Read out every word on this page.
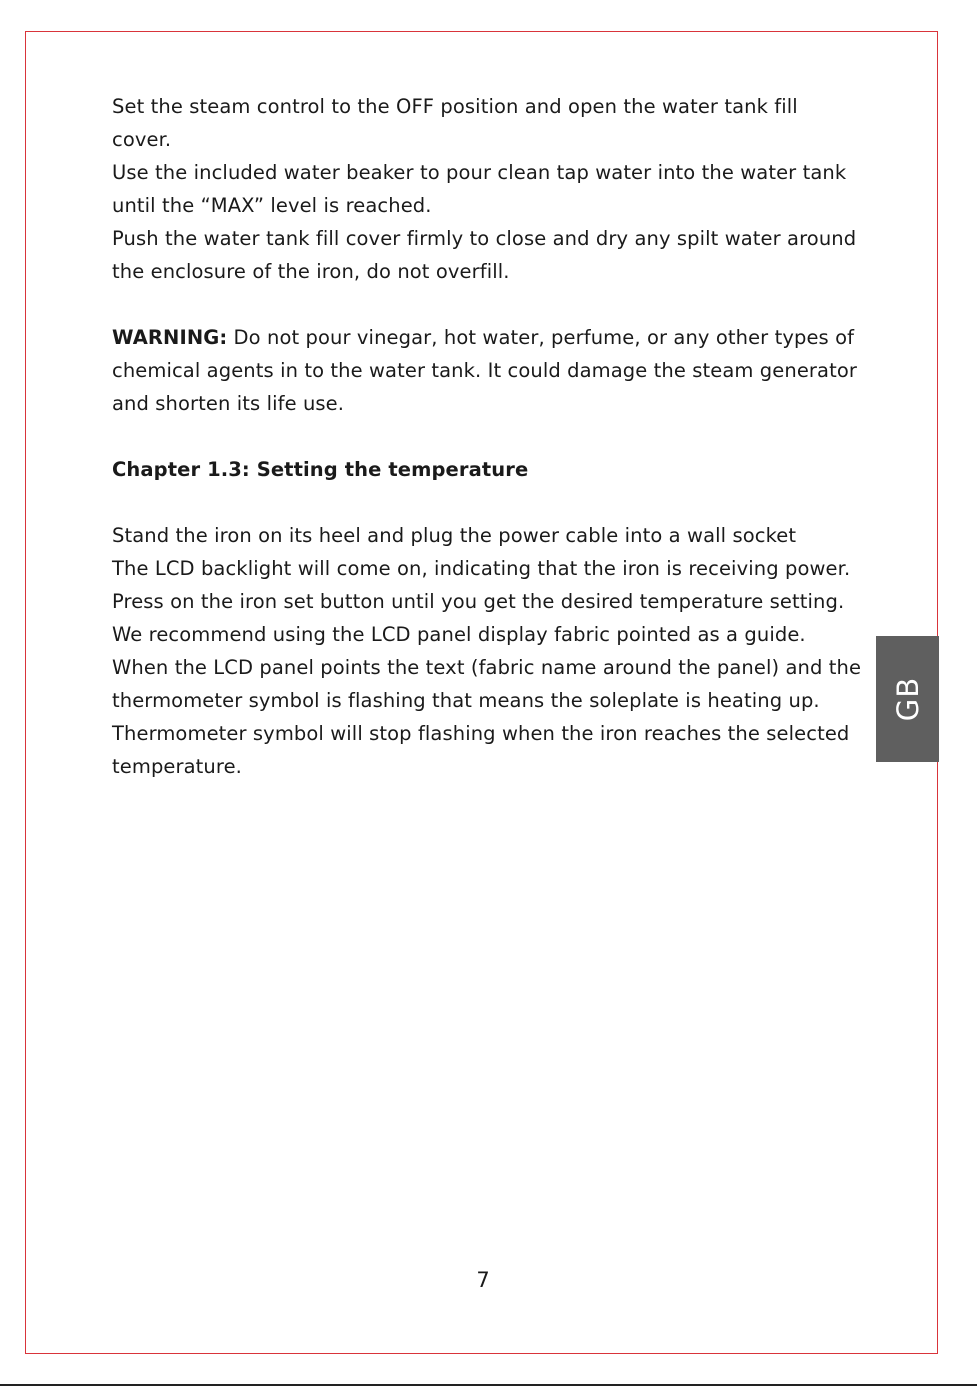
Set the steam control to the OFF position and open the water tank fill cover.

Use the included water beaker to pour clean tap water into the water tank until the “MAX” level is reached.

Push the water tank fill cover firmly to close and dry any spilt water around the enclosure of the iron, do not overfill.

WARNING: Do not pour vinegar, hot water, perfume, or any other types of chemical agents in to the water tank. It could damage the steam generator and shorten its life use.

Chapter 1.3: Setting the temperature

Stand the iron on its heel and plug the power cable into a wall socket

The LCD backlight will come on, indicating that the iron is receiving power.

Press on the iron set button until you get the desired temperature setting. We recommend using the LCD panel display fabric pointed as a guide.

When the LCD panel points the text (fabric name around the panel) and the thermometer symbol is flashing that means the soleplate is heating up.

Thermometer symbol will stop flashing when the iron reaches the selected temperature.

GB
7
